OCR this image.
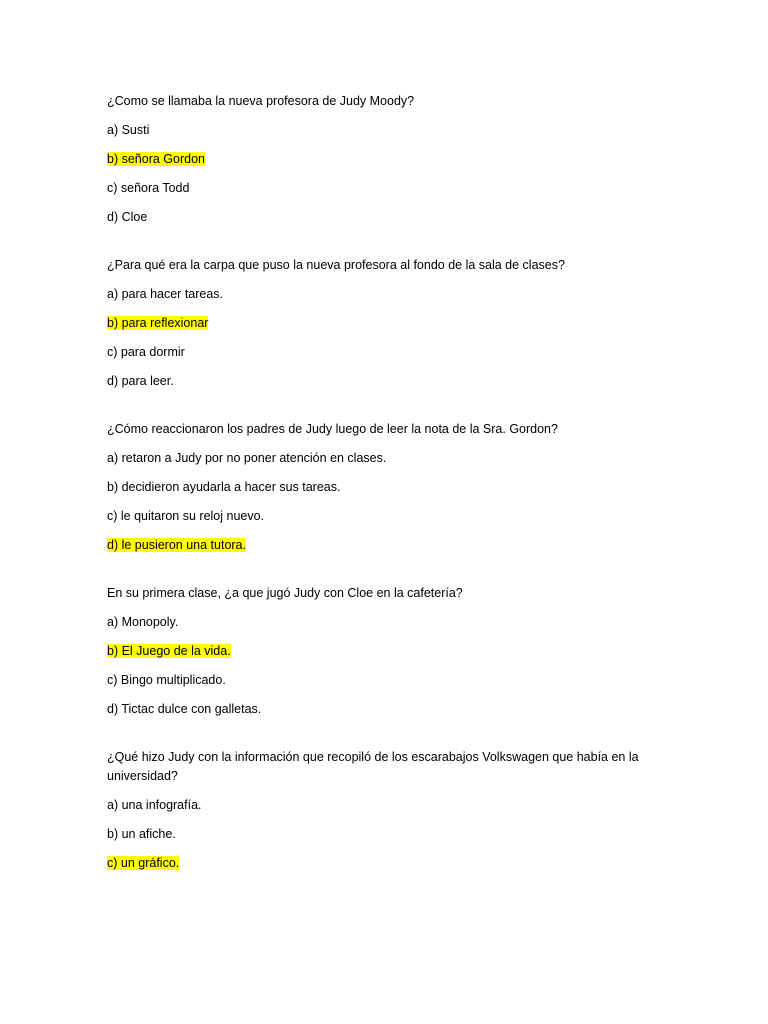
¿Como se llamaba la nueva profesora de Judy Moody?

a) Susti

b) señora Gordon

c) señora Todd

d) Cloe

¿Para qué era la carpa que puso la nueva profesora al fondo de la sala de clases?

a) para hacer tareas.

b) para reflexionar

c) para dormir

d) para leer.

¿Cómo reaccionaron los padres de Judy luego de leer la nota de la Sra. Gordon?

a) retaron a Judy por no poner atención en clases.

b) decidieron ayudarla a hacer sus tareas.

c) le quitaron su reloj nuevo.

d) le pusieron una tutora.

En su primera clase, ¿a que jugó Judy con Cloe en la cafetería?

a) Monopoly.

b) El Juego de la vida.

c) Bingo multiplicado.

d) Tictac dulce con galletas.

¿Qué hizo Judy con la información que recopiló de los escarabajos Volkswagen que había en la universidad?

a) una infografía.

b) un afiche.

c) un gráfico.
